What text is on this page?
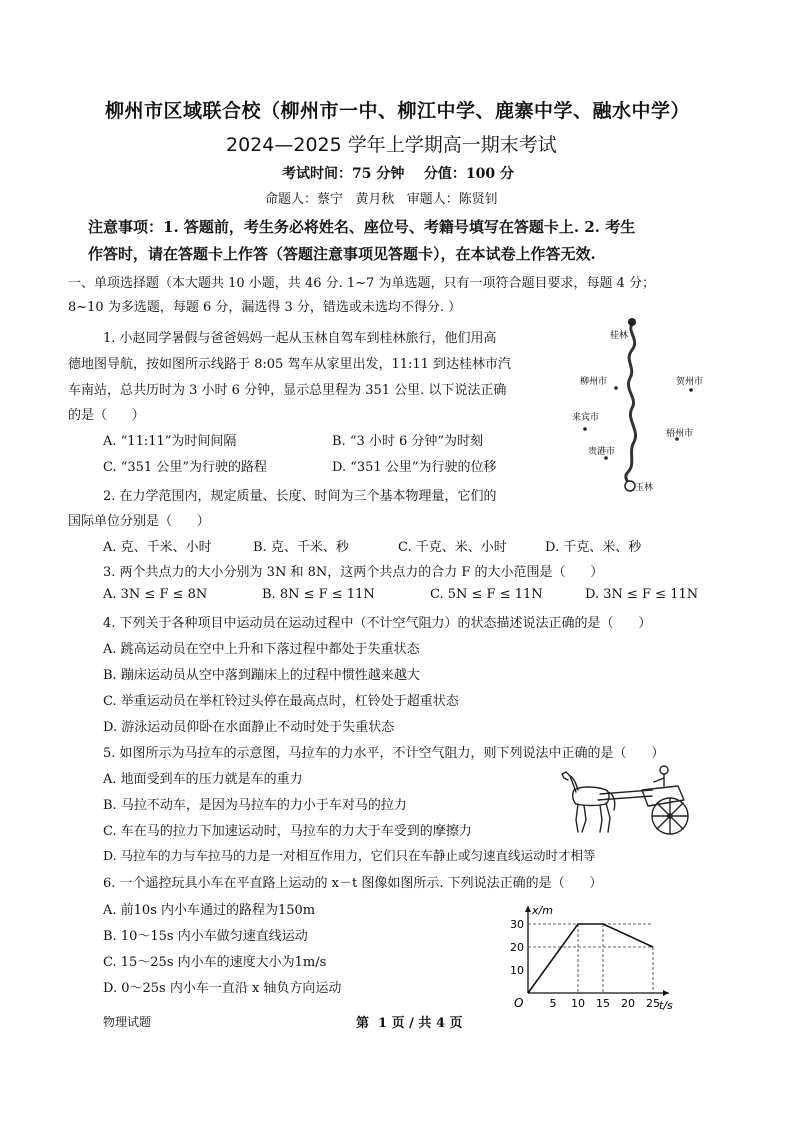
柳州市区域联合校（柳州市一中、柳江中学、鹿寨中学、融水中学）
2024—2025 学年上学期高一期末考试
考试时间：75 分钟    分值：100 分
命题人：蔡宁   黄月秋   审题人：陈贤钊
注意事项：1. 答题前，考生务必将姓名、座位号、考籍号填写在答题卡上. 2. 考生
作答时，请在答题卡上作答（答题注意事项见答题卡），在本试卷上作答无效.
一、单项选择题（本大题共 10 小题，共 46 分. 1~7 为单选题，只有一项符合题目要求，每题 4 分；
8~10 为多选题，每题 6 分，漏选得 3 分，错选或未选均不得分. ）
1. 小赵同学暑假与爸爸妈妈一起从玉林自驾车到桂林旅行，他们用高
德地图导航，按如图所示线路于 8:05 驾车从家里出发，11:11 到达桂林市汽
车南站，总共历时为 3 小时 6 分钟，显示总里程为 351 公里. 以下说法正确
的是（      ）
A. “11:11”为时间间隔	B. “3 小时 6 分钟”为时刻
C. “351 公里”为行驶的路程	D. “351 公里”为行驶的位移
桂林
柳州市	贺州市
来宾市
梧州市
贵港市
玉林
2. 在力学范围内，规定质量、长度、时间为三个基本物理量，它们的
国际单位分别是（      ）
A. 克、千米、小时	B. 克、千米、秒	C. 千克、米、小时	D. 千克、米、秒
3. 两个共点力的大小分别为 3N 和 8N，这两个共点力的合力 F 的大小范围是（      ）
A. 3N ≤ F ≤ 8N	B. 8N ≤ F ≤ 11N	C. 5N ≤ F ≤ 11N	D. 3N ≤ F ≤ 11N
4. 下列关于各种项目中运动员在运动过程中（不计空气阻力）的状态描述说法正确的是（      ）
A. 跳高运动员在空中上升和下落过程中都处于失重状态
B. 蹦床运动员从空中落到蹦床上的过程中惯性越来越大
C. 举重运动员在举杠铃过头停在最高点时，杠铃处于超重状态
D. 游泳运动员仰卧在水面静止不动时处于失重状态
5. 如图所示为马拉车的示意图，马拉车的力水平，不计空气阻力，则下列说法中正确的是（      ）
A. 地面受到车的压力就是车的重力
B. 马拉不动车，是因为马拉车的力小于车对马的拉力
C. 车在马的拉力下加速运动时，马拉车的力大于车受到的摩擦力
D. 马拉车的力与车拉马的力是一对相互作用力，它们只在车静止或匀速直线运动时才相等
6. 一个遥控玩具小车在平直路上运动的 x－t 图像如图所示. 下列说法正确的是（      ）
A. 前10s 内小车通过的路程为150m
B. 10～15s 内小车做匀速直线运动
C. 15～25s 内小车的速度大小为1m/s
D. 0～25s 内小车一直沿 x 轴负方向运动
x/m
t/s
O 5 10 15 20 25
10
20
30
物理试题	第  1 页 / 共 4 页
